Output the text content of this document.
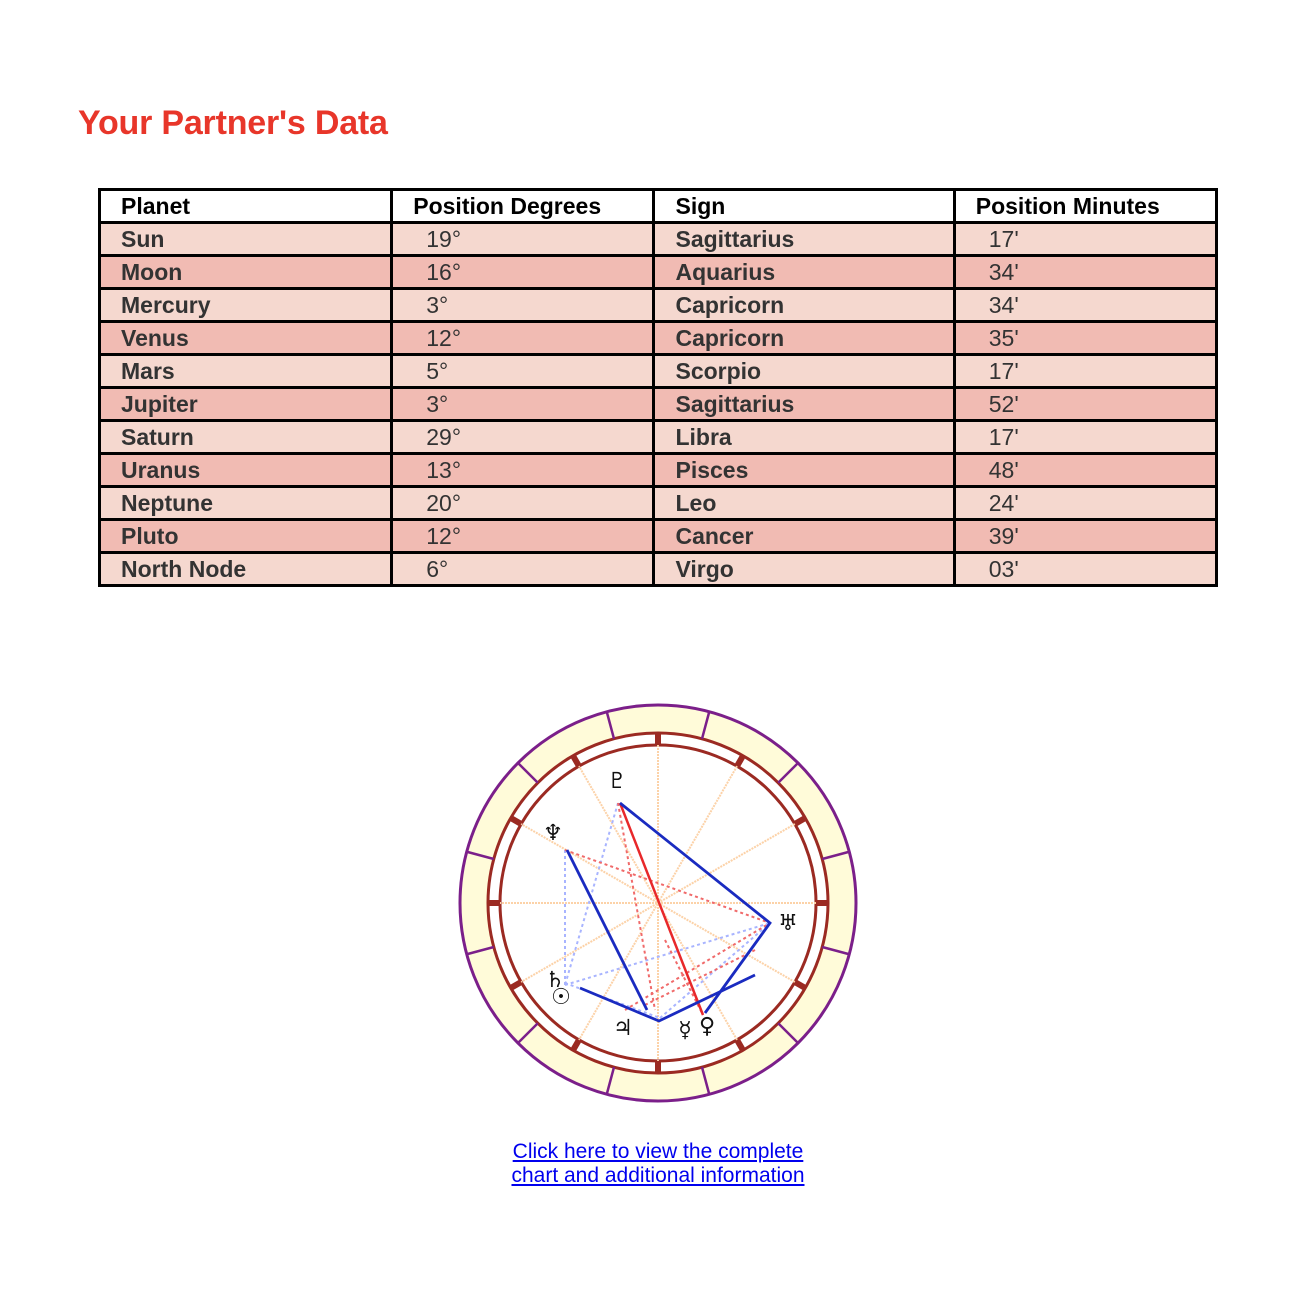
Your Partner's Data
Planet	Position Degrees	Sign	Position Minutes
Sun	19°	Sagittarius	17'
Moon	16°	Aquarius	34'
Mercury	3°	Capricorn	34'
Venus	12°	Capricorn	35'
Mars	5°	Scorpio	17'
Jupiter	3°	Sagittarius	52'
Saturn	29°	Libra	17'
Uranus	13°	Pisces	48'
Neptune	20°	Leo	24'
Pluto	12°	Cancer	39'
North Node	6°	Virgo	03'
♇
♆
♅
♄
☉
♃ ☿ ♀
Click here to view the complete chart and additional information
